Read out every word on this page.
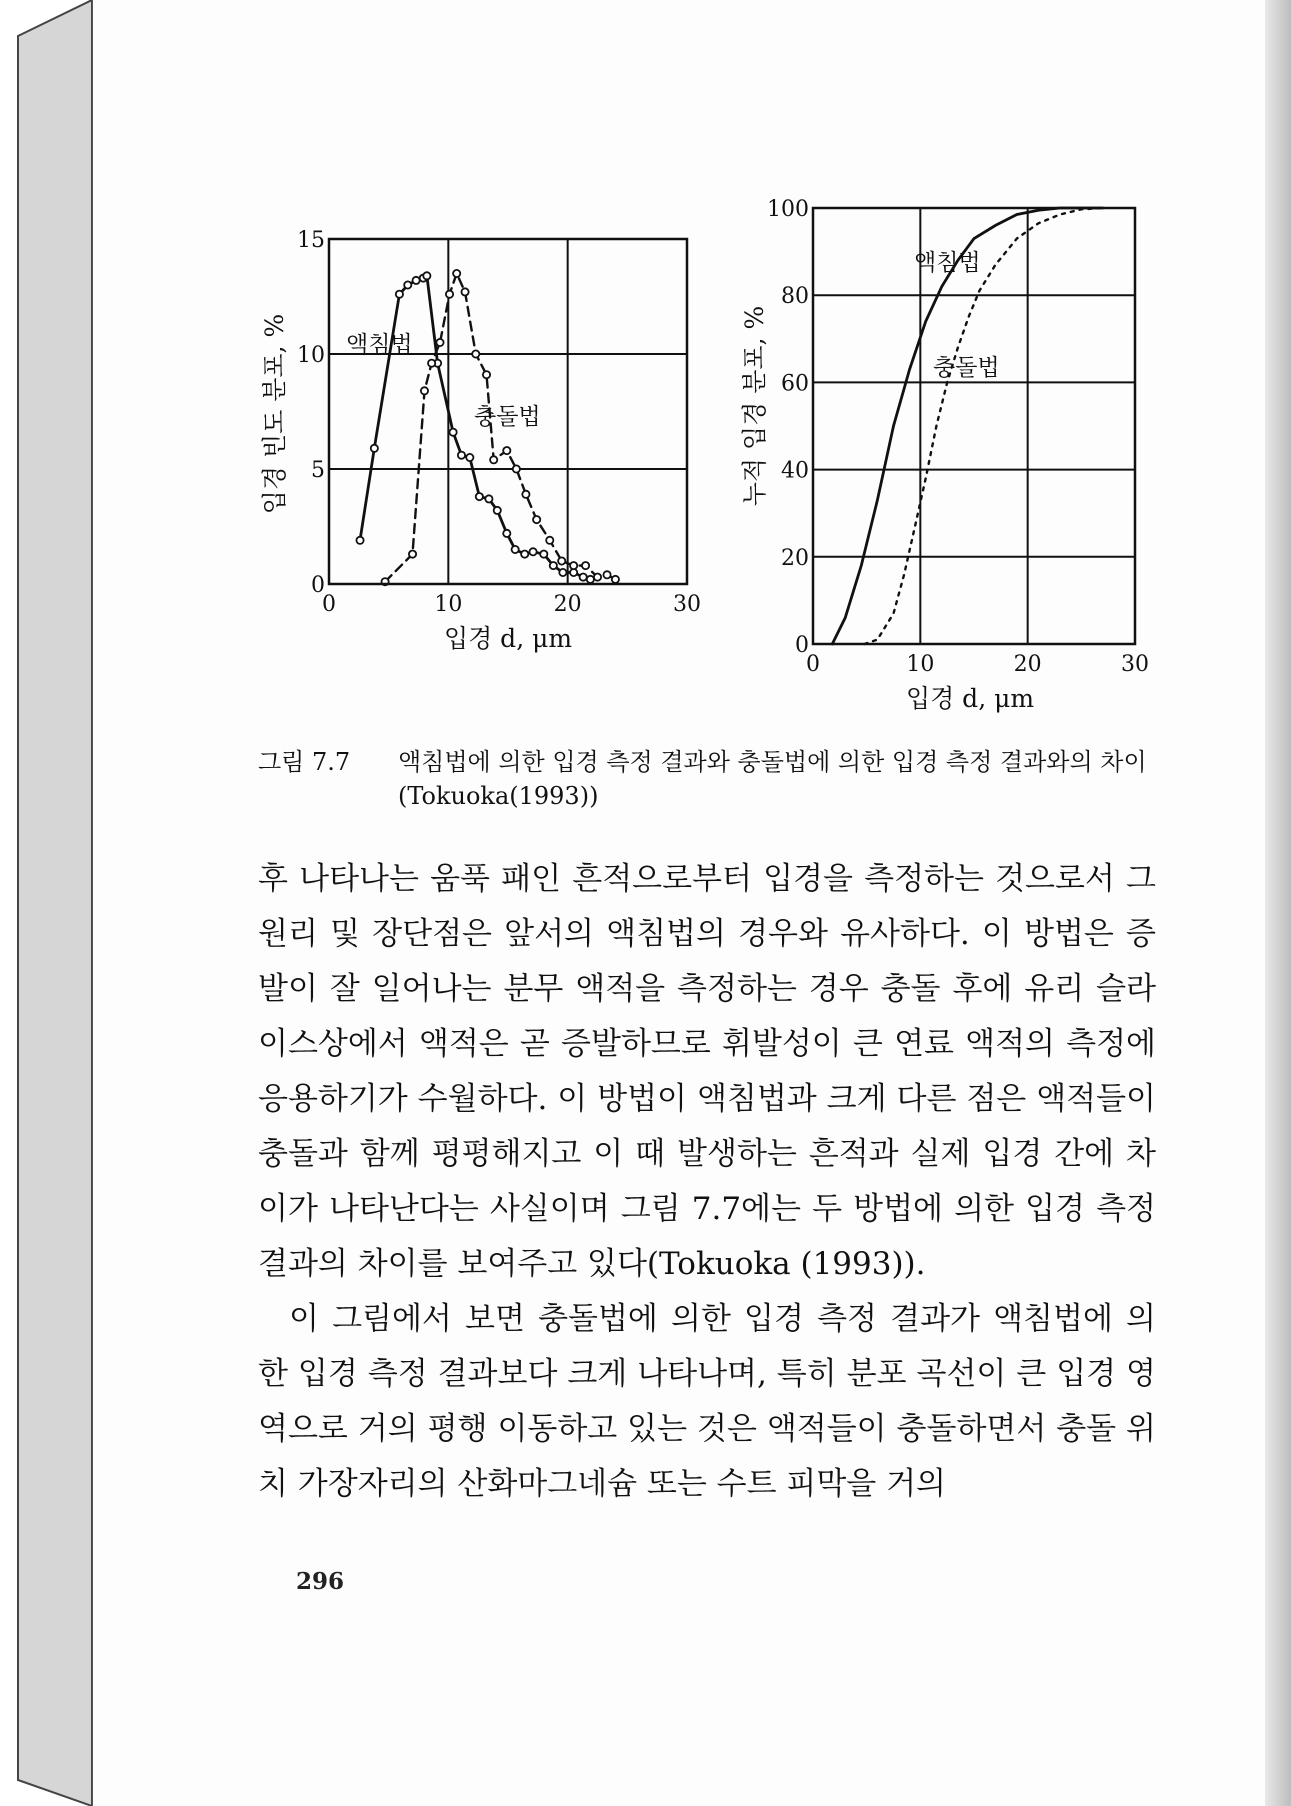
입경 빈도 분포, %
입경 d, μm
액침법
충돌법
0	10	20	30
0
5
10
15
누적 입경 분포, %
입경 d, μm
액침법
충돌법
0	10	20	30
0
20
40
60
80
100
그림 7.7 액침법에 의한 입경 측정 결과와 충돌법에 의한 입경 측정 결과와의 차이(Tokuoka(1993))

후 나타나는 움푹 패인 흔적으로부터 입경을 측정하는 것으로서 그 원리 및 장단점은 앞서의 액침법의 경우와 유사하다. 이 방법은 증발이 잘 일어나는 분무 액적을 측정하는 경우 충돌 후에 유리 슬라이스상에서 액적은 곧 증발하므로 휘발성이 큰 연료 액적의 측정에 응용하기가 수월하다. 이 방법이 액침법과 크게 다른 점은 액적들이 충돌과 함께 평평해지고 이 때 발생하는 흔적과 실제 입경 간에 차이가 나타난다는 사실이며 그림 7.7에는 두 방법에 의한 입경 측정 결과의 차이를 보여주고 있다(Tokuoka (1993)).

이 그림에서 보면 충돌법에 의한 입경 측정 결과가 액침법에 의한 입경 측정 결과보다 크게 나타나며, 특히 분포 곡선이 큰 입경 영역으로 거의 평행 이동하고 있는 것은 액적들이 충돌하면서 충돌 위치 가장자리의 산화마그네슘 또는 수트 피막을 거의

296
